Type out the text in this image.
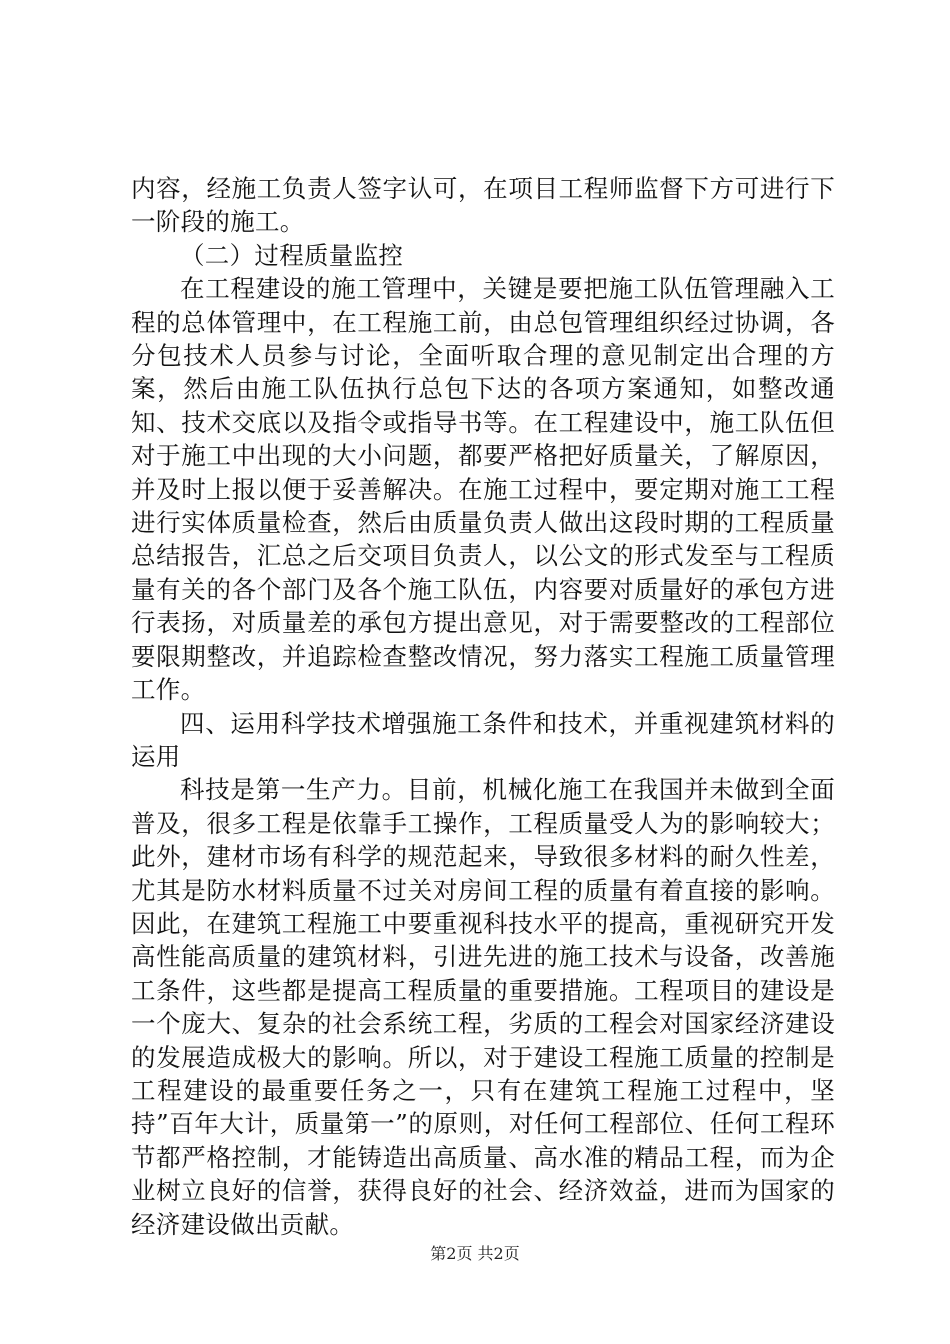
内容，经施工负责人签字认可，在项目工程师监督下方可进行下一阶段的施工。

（二）过程质量监控

在工程建设的施工管理中，关键是要把施工队伍管理融入工程的总体管理中，在工程施工前，由总包管理组织经过协调，各分包技术人员参与讨论，全面听取合理的意见制定出合理的方案，然后由施工队伍执行总包下达的各项方案通知，如整改通知、技术交底以及指令或指导书等。在工程建设中，施工队伍但对于施工中出现的大小问题，都要严格把好质量关，了解原因，并及时上报以便于妥善解决。在施工过程中，要定期对施工工程进行实体质量检查，然后由质量负责人做出这段时期的工程质量总结报告，汇总之后交项目负责人，以公文的形式发至与工程质量有关的各个部门及各个施工队伍，内容要对质量好的承包方进行表扬，对质量差的承包方提出意见，对于需要整改的工程部位要限期整改，并追踪检查整改情况，努力落实工程施工质量管理工作。

四、运用科学技术增强施工条件和技术，并重视建筑材料的运用

科技是第一生产力。目前，机械化施工在我国并未做到全面普及，很多工程是依靠手工操作，工程质量受人为的影响较大；此外，建材市场有科学的规范起来，导致很多材料的耐久性差，尤其是防水材料质量不过关对房间工程的质量有着直接的影响。因此，在建筑工程施工中要重视科技水平的提高，重视研究开发高性能高质量的建筑材料，引进先进的施工技术与设备，改善施工条件，这些都是提高工程质量的重要措施。工程项目的建设是一个庞大、复杂的社会系统工程，劣质的工程会对国家经济建设的发展造成极大的影响。所以，对于建设工程施工质量的控制是工程建设的最重要任务之一，只有在建筑工程施工过程中，坚持”百年大计，质量第一”的原则，对任何工程部位、任何工程环节都严格控制，才能铸造出高质量、高水准的精品工程，而为企业树立良好的信誉，获得良好的社会、经济效益，进而为国家的经济建设做出贡献。

第2页 共2页
